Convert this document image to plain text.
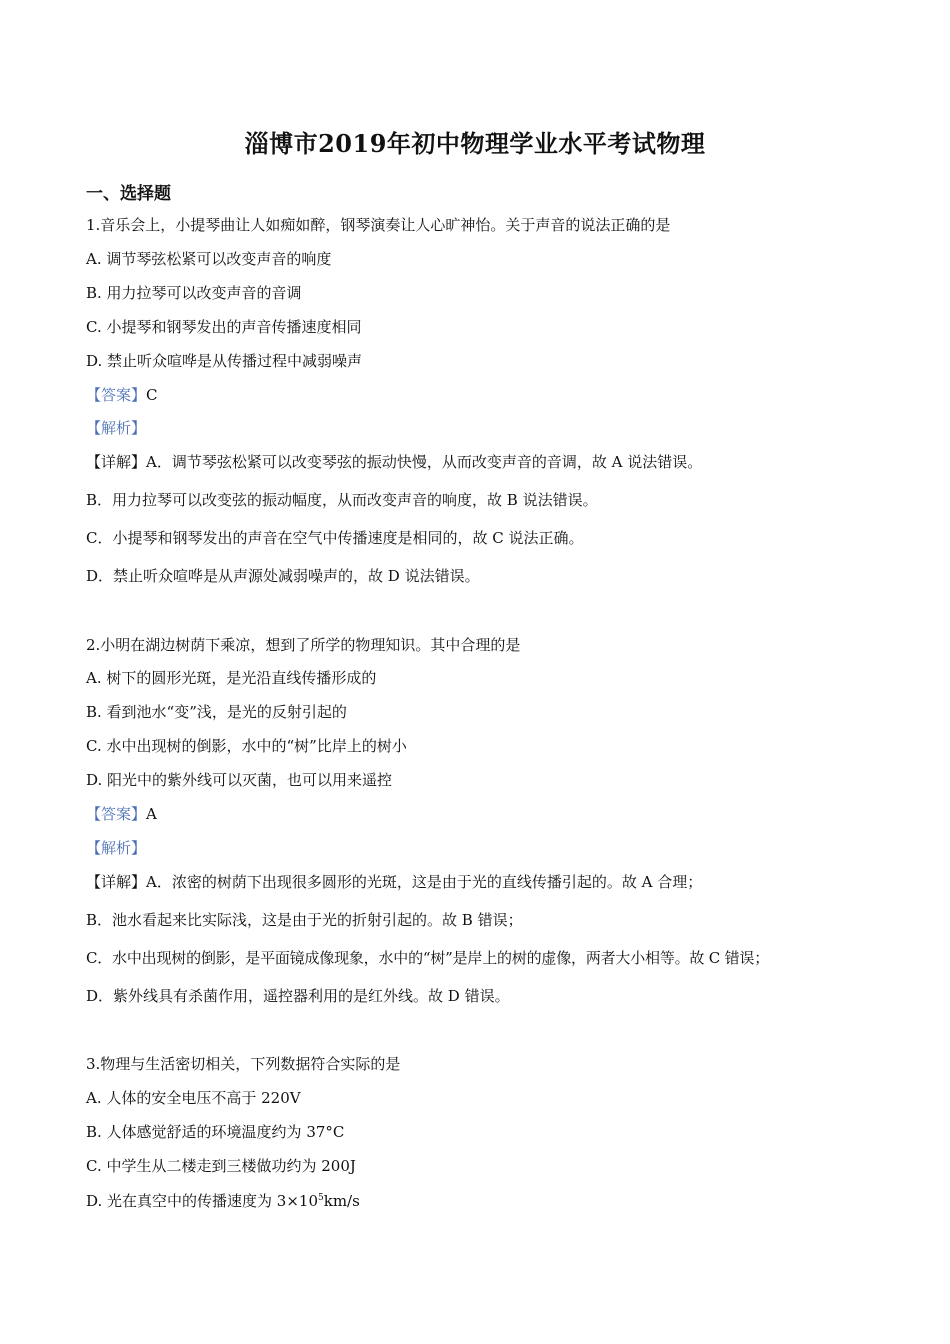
淄博市2019年初中物理学业水平考试物理
一、选择题
1.音乐会上，小提琴曲让人如痴如醉，钢琴演奏让人心旷神怡。关于声音的说法正确的是
A. 调节琴弦松紧可以改变声音的响度
B. 用力拉琴可以改变声音的音调
C. 小提琴和钢琴发出的声音传播速度相同
D. 禁止听众喧哗是从传播过程中减弱噪声
【答案】C
【解析】
【详解】A．调节琴弦松紧可以改变琴弦的振动快慢，从而改变声音的音调，故 A 说法错误。
B．用力拉琴可以改变弦的振动幅度，从而改变声音的响度，故 B 说法错误。
C．小提琴和钢琴发出的声音在空气中传播速度是相同的，故 C 说法正确。
D．禁止听众喧哗是从声源处减弱噪声的，故 D 说法错误。
2.小明在湖边树荫下乘凉，想到了所学的物理知识。其中合理的是
A. 树下的圆形光斑，是光沿直线传播形成的
B. 看到池水“变”浅，是光的反射引起的
C. 水中出现树的倒影，水中的“树”比岸上的树小
D. 阳光中的紫外线可以灭菌，也可以用来遥控
【答案】A
【解析】
【详解】A．浓密的树荫下出现很多圆形的光斑，这是由于光的直线传播引起的。故 A 合理；
B．池水看起来比实际浅，这是由于光的折射引起的。故 B 错误；
C．水中出现树的倒影，是平面镜成像现象，水中的“树”是岸上的树的虚像，两者大小相等。故 C 错误；
D．紫外线具有杀菌作用，遥控器利用的是红外线。故 D 错误。
3.物理与生活密切相关，下列数据符合实际的是
A. 人体的安全电压不高于 220V
B. 人体感觉舒适的环境温度约为 37°C
C. 中学生从二楼走到三楼做功约为 200J
D. 光在真空中的传播速度为 $3\times 10^5km/s$
